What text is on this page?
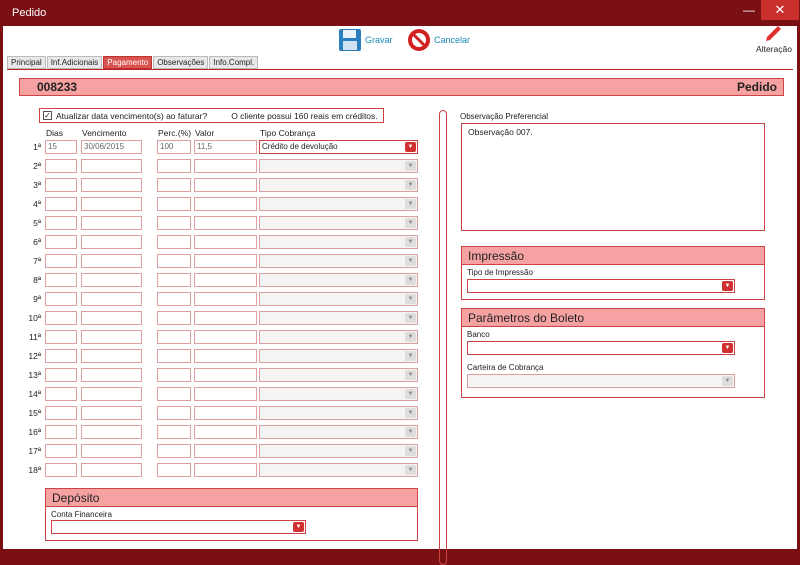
Pedido	—	✕
Gravar	Cancelar
Alteração
Principal	Inf.Adicionais	Pagamento	Observações	Info.Compl.
008233	Pedido
✓ Atualizar data vencimento(s) ao faturar?	O cliente possui 160 reais em créditos.
Dias Vencimento	Perc.(%) Valor	Tipo Cobrança
1ª 15	30/06/2015	100	11,5	Crédito de devolução	▼
2ª	▼
3ª	▼
4ª	▼
5ª	▼
6ª	▼
7ª	▼
8ª	▼
9ª	▼
10ª	▼
11ª	▼
12ª	▼
13ª	▼
14ª	▼
15ª	▼
16ª	▼
17ª	▼
18ª	▼
Depósito
Conta Financeira
▼
Observação Preferencial
Observação 007.
Impressão
Tipo de Impressão
▼
Parâmetros do Boleto
Banco
▼
Carteira de Cobrança
▼
